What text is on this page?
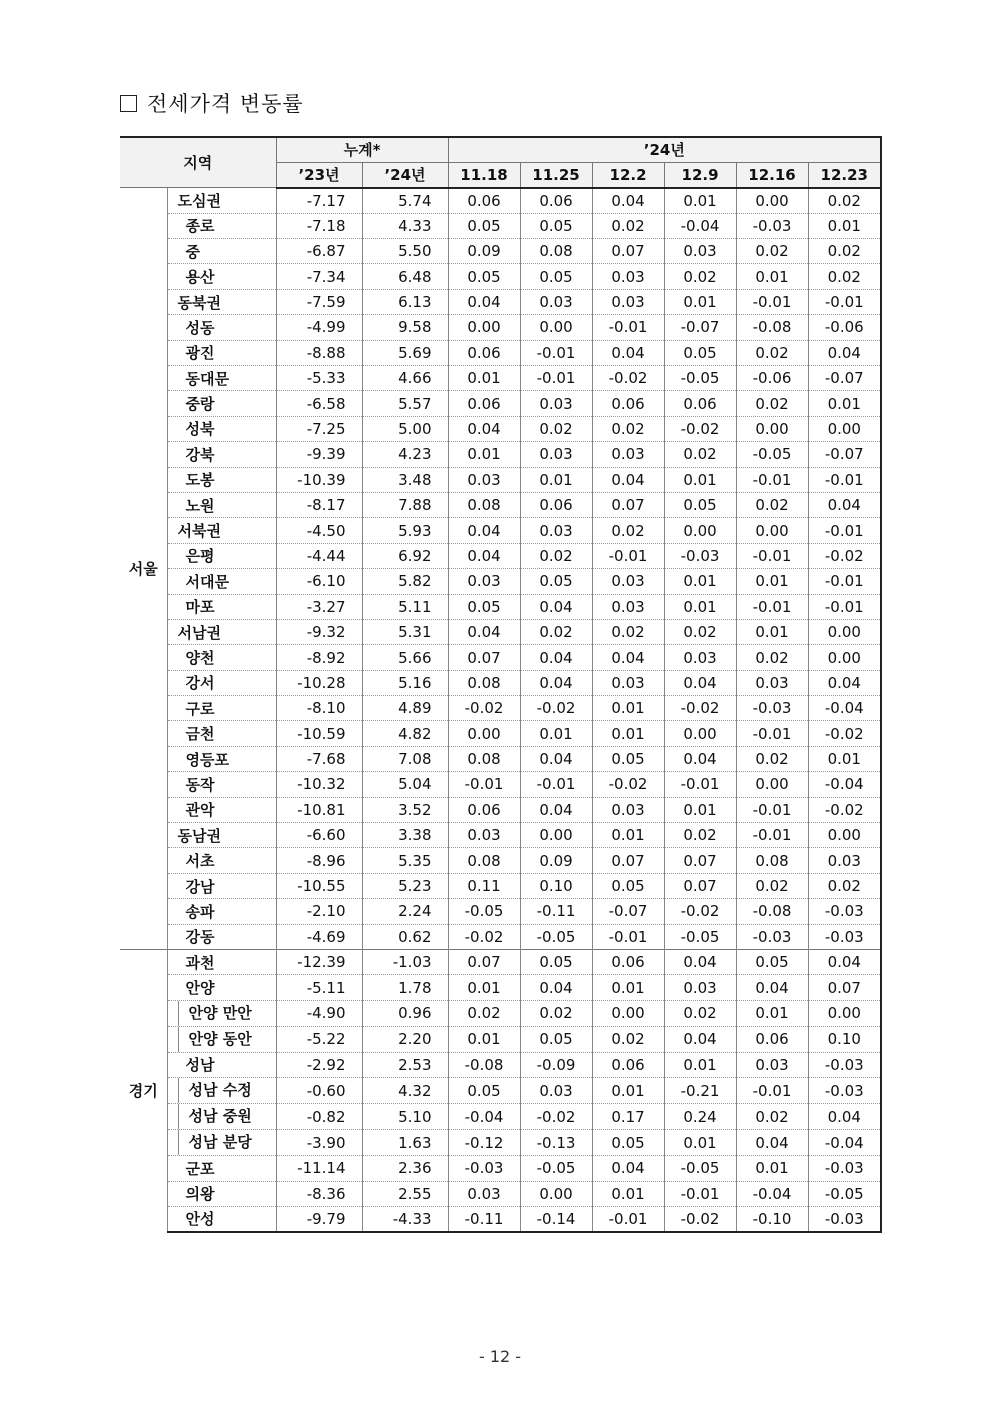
전세가격 변동률
지역		누계*		’24년					
		’23년	’24년	11.18	11.25	12.2	12.9	12.16	12.23
서울	도심권	-7.17	5.74	0.06	0.06	0.04	0.01	0.00	0.02
	종로	-7.18	4.33	0.05	0.05	0.02	-0.04	-0.03	0.01
	중	-6.87	5.50	0.09	0.08	0.07	0.03	0.02	0.02
	용산	-7.34	6.48	0.05	0.05	0.03	0.02	0.01	0.02
	동북권	-7.59	6.13	0.04	0.03	0.03	0.01	-0.01	-0.01
	성동	-4.99	9.58	0.00	0.00	-0.01	-0.07	-0.08	-0.06
	광진	-8.88	5.69	0.06	-0.01	0.04	0.05	0.02	0.04
	동대문	-5.33	4.66	0.01	-0.01	-0.02	-0.05	-0.06	-0.07
	중랑	-6.58	5.57	0.06	0.03	0.06	0.06	0.02	0.01
	성북	-7.25	5.00	0.04	0.02	0.02	-0.02	0.00	0.00
	강북	-9.39	4.23	0.01	0.03	0.03	0.02	-0.05	-0.07
	도봉	-10.39	3.48	0.03	0.01	0.04	0.01	-0.01	-0.01
	노원	-8.17	7.88	0.08	0.06	0.07	0.05	0.02	0.04
	서북권	-4.50	5.93	0.04	0.03	0.02	0.00	0.00	-0.01
	은평	-4.44	6.92	0.04	0.02	-0.01	-0.03	-0.01	-0.02
	서대문	-6.10	5.82	0.03	0.05	0.03	0.01	0.01	-0.01
	마포	-3.27	5.11	0.05	0.04	0.03	0.01	-0.01	-0.01
	서남권	-9.32	5.31	0.04	0.02	0.02	0.02	0.01	0.00
	양천	-8.92	5.66	0.07	0.04	0.04	0.03	0.02	0.00
	강서	-10.28	5.16	0.08	0.04	0.03	0.04	0.03	0.04
	구로	-8.10	4.89	-0.02	-0.02	0.01	-0.02	-0.03	-0.04
	금천	-10.59	4.82	0.00	0.01	0.01	0.00	-0.01	-0.02
	영등포	-7.68	7.08	0.08	0.04	0.05	0.04	0.02	0.01
	동작	-10.32	5.04	-0.01	-0.01	-0.02	-0.01	0.00	-0.04
	관악	-10.81	3.52	0.06	0.04	0.03	0.01	-0.01	-0.02
	동남권	-6.60	3.38	0.03	0.00	0.01	0.02	-0.01	0.00
	서초	-8.96	5.35	0.08	0.09	0.07	0.07	0.08	0.03
	강남	-10.55	5.23	0.11	0.10	0.05	0.07	0.02	0.02
	송파	-2.10	2.24	-0.05	-0.11	-0.07	-0.02	-0.08	-0.03
	강동	-4.69	0.62	-0.02	-0.05	-0.01	-0.05	-0.03	-0.03
경기	과천	-12.39	-1.03	0.07	0.05	0.06	0.04	0.05	0.04
	안양	-5.11	1.78	0.01	0.04	0.01	0.03	0.04	0.07
	안양 만안	-4.90	0.96	0.02	0.02	0.00	0.02	0.01	0.00
	안양 동안	-5.22	2.20	0.01	0.05	0.02	0.04	0.06	0.10
	성남	-2.92	2.53	-0.08	-0.09	0.06	0.01	0.03	-0.03
	성남 수정	-0.60	4.32	0.05	0.03	0.01	-0.21	-0.01	-0.03
	성남 중원	-0.82	5.10	-0.04	-0.02	0.17	0.24	0.02	0.04
	성남 분당	-3.90	1.63	-0.12	-0.13	0.05	0.01	0.04	-0.04
	군포	-11.14	2.36	-0.03	-0.05	0.04	-0.05	0.01	-0.03
	의왕	-8.36	2.55	0.03	0.00	0.01	-0.01	-0.04	-0.05
	안성	-9.79	-4.33	-0.11	-0.14	-0.01	-0.02	-0.10	-0.03
- 12 -
